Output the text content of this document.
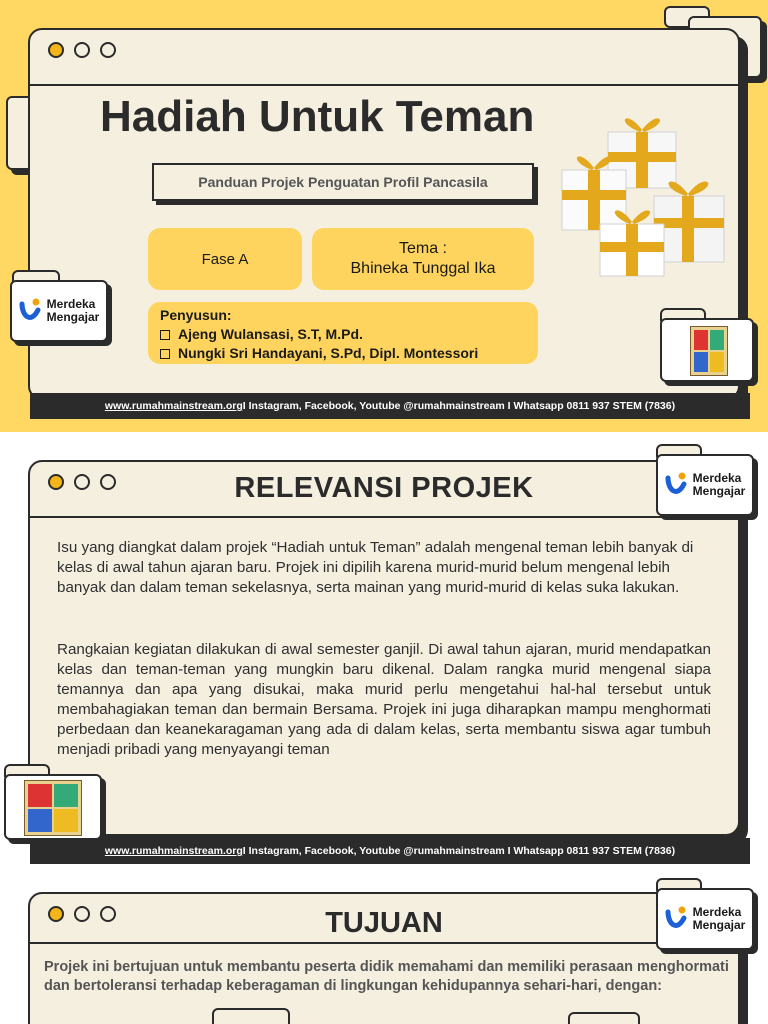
Hadiah Untuk Teman
Panduan Projek Penguatan Profil Pancasila
Fase A
Tema :
Bhineka Tunggal Ika
Penyusun:
Ajeng Wulansasi, S.T, M.Pd.
Nungki Sri Handayani, S.Pd, Dipl. Montessori
Merdeka
Mengajar
www.rumahmainstream.org I Instagram, Facebook, Youtube @rumahmainstream I Whatsapp 0811 937 STEM (7836)
RELEVANSI PROJEK	Merdeka
Mengajar

Isu yang diangkat dalam projek “Hadiah untuk Teman” adalah mengenal teman lebih banyak di kelas di awal tahun ajaran baru. Projek ini dipilih karena murid-murid belum mengenal lebih banyak dan dalam teman sekelasnya, serta mainan yang murid-murid di kelas suka lakukan.

Rangkaian kegiatan dilakukan di awal semester ganjil. Di awal tahun ajaran, murid mendapatkan kelas dan teman-teman yang mungkin baru dikenal. Dalam rangka murid mengenal siapa temannya dan apa yang disukai, maka murid perlu mengetahui hal-hal tersebut untuk membahagiakan teman dan bermain Bersama. Projek ini juga diharapkan mampu menghormati perbedaan dan keanekaragaman yang ada di dalam kelas, serta membantu siswa agar tumbuh menjadi pribadi yang menyayangi teman

www.rumahmainstream.org I Instagram, Facebook, Youtube @rumahmainstream I Whatsapp 0811 937 STEM (7836)
TUJUAN	Merdeka
Mengajar

Projek ini bertujuan untuk membantu peserta didik memahami dan memiliki perasaan menghormati dan bertoleransi terhadap keberagaman di lingkungan kehidupannya sehari-hari, dengan:
